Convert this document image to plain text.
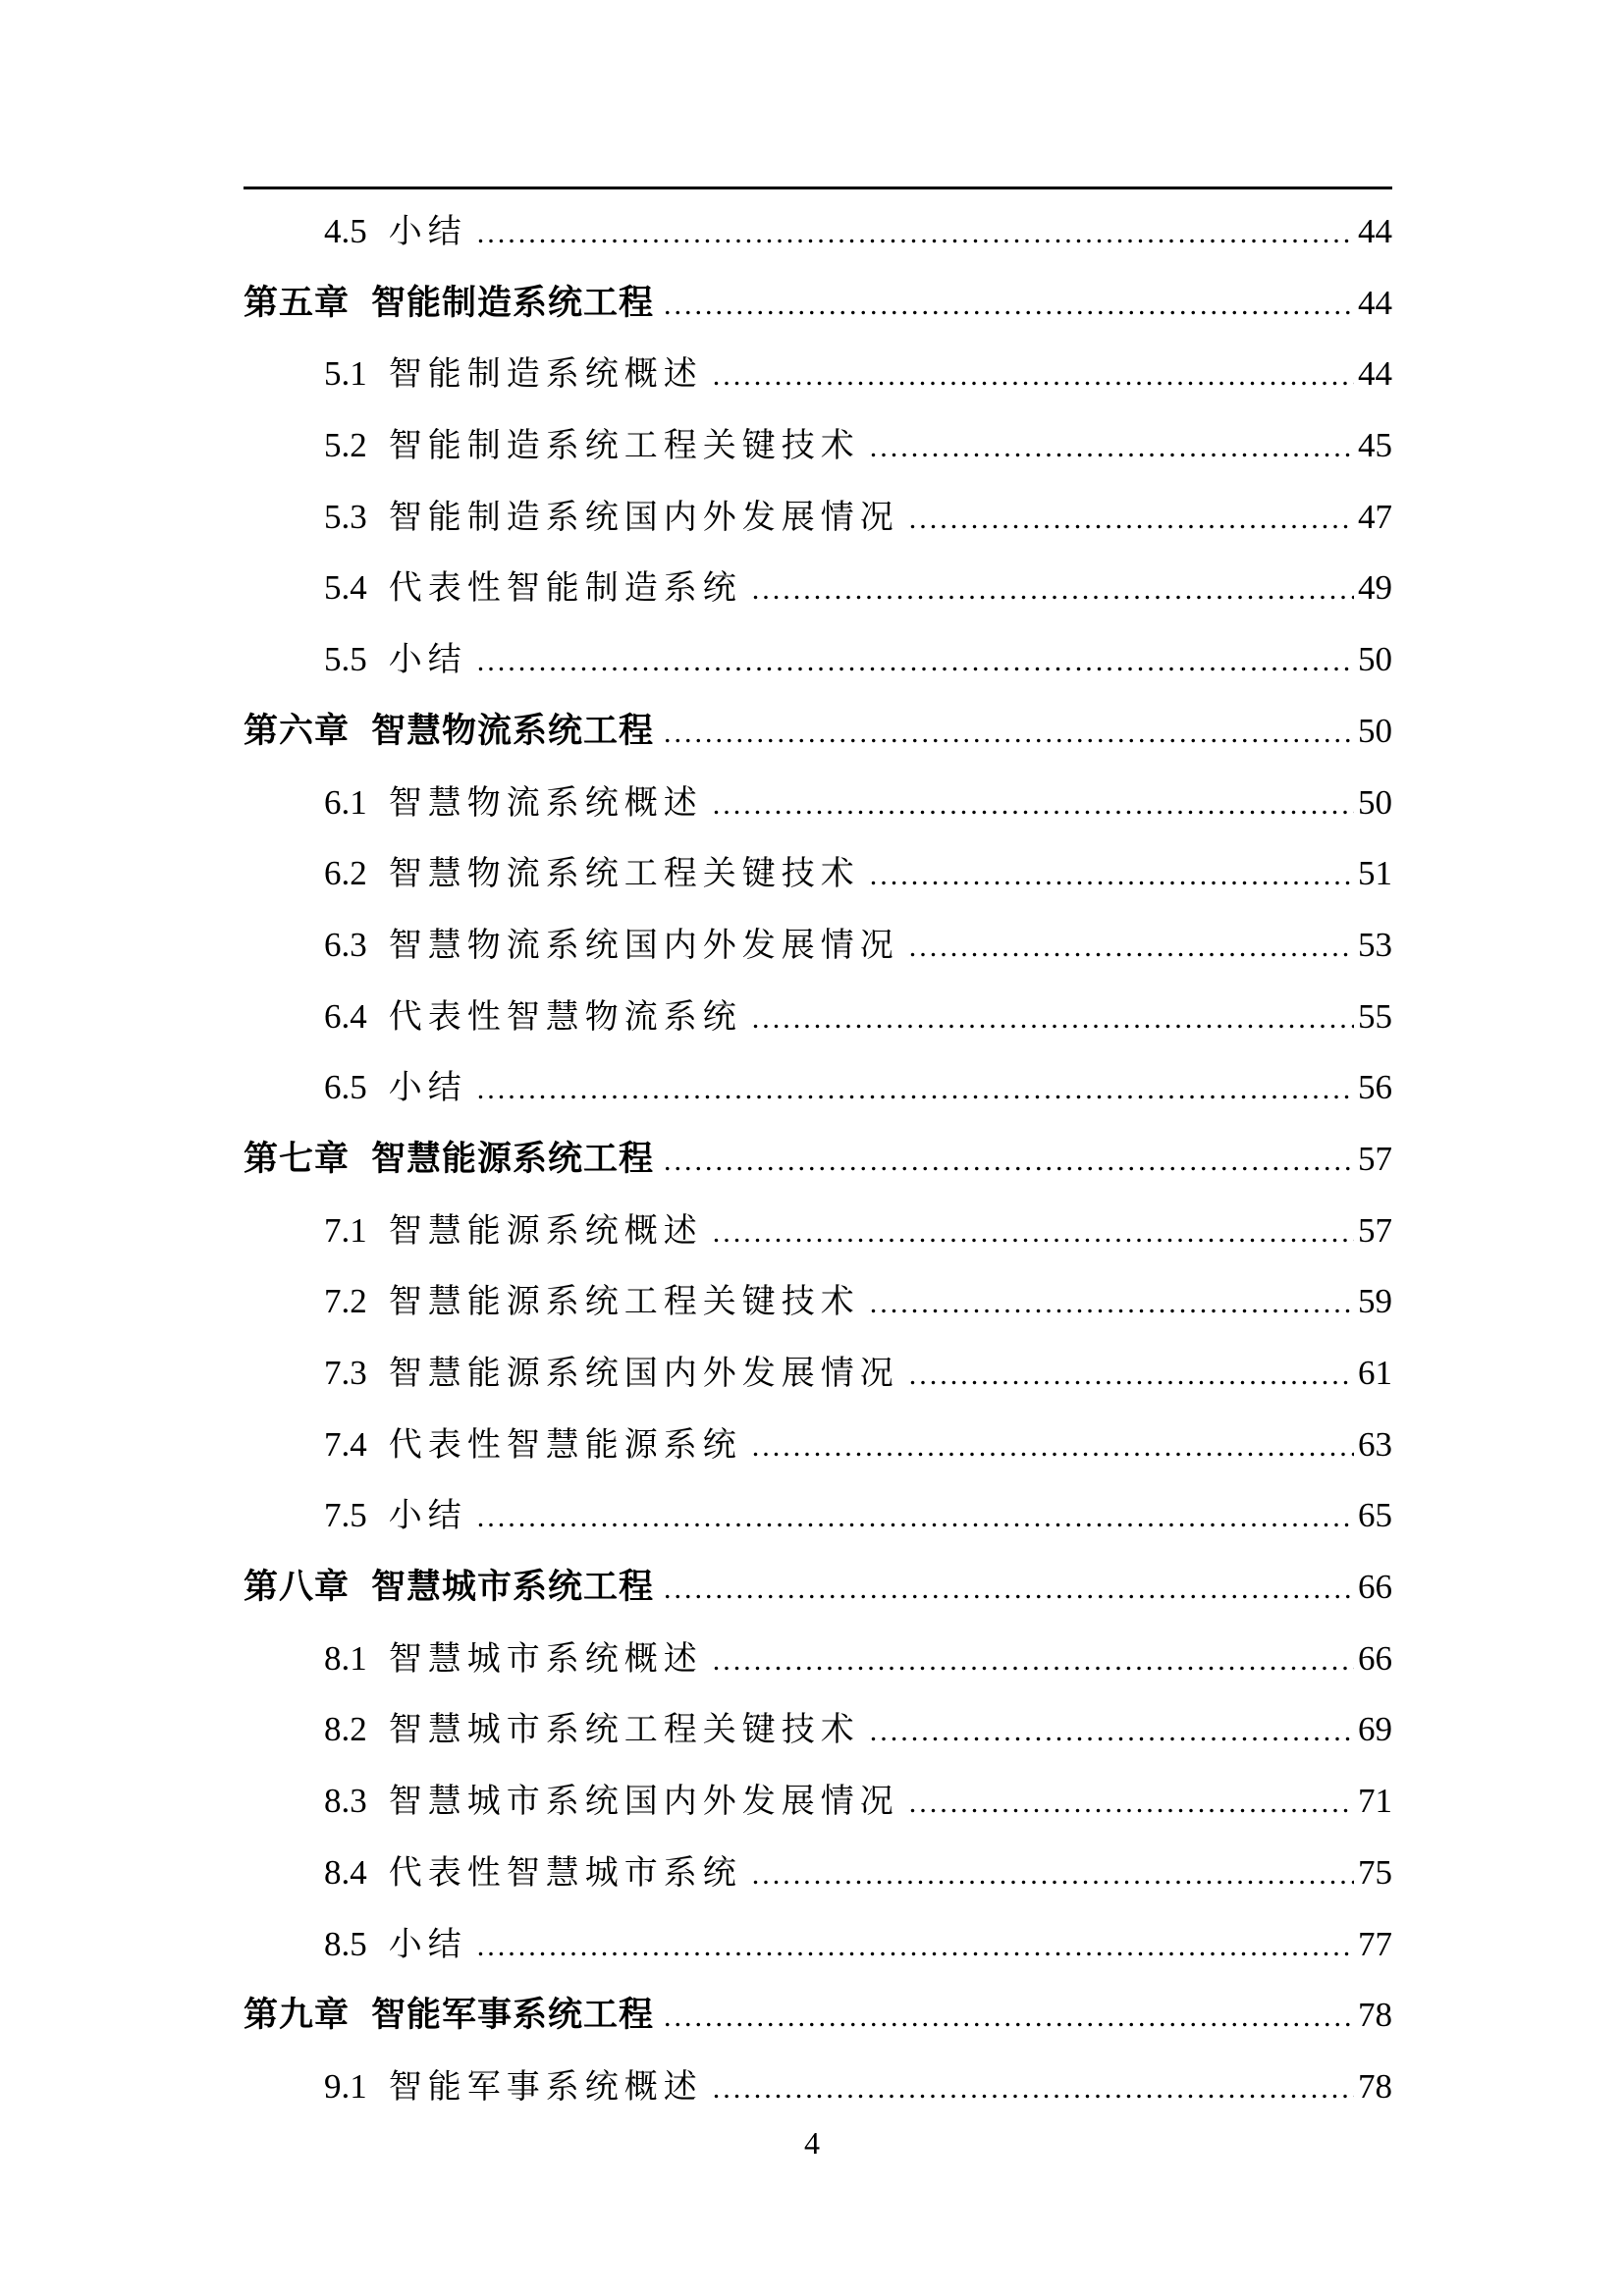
4.5 小结 .....	44
第五章 智能制造系统工程 .....	44
5.1 智能制造系统概述 .....	44
5.2 智能制造系统工程关键技术 .....	45
5.3 智能制造系统国内外发展情况 .....	47
5.4 代表性智能制造系统 .....	49
5.5 小结 .....	50
第六章 智慧物流系统工程 .....	50
6.1 智慧物流系统概述 .....	50
6.2 智慧物流系统工程关键技术 .....	51
6.3 智慧物流系统国内外发展情况 .....	53
6.4 代表性智慧物流系统 .....	55
6.5 小结 .....	56
第七章 智慧能源系统工程 .....	57
7.1 智慧能源系统概述 .....	57
7.2 智慧能源系统工程关键技术 .....	59
7.3 智慧能源系统国内外发展情况 .....	61
7.4 代表性智慧能源系统 .....	63
7.5 小结 .....	65
第八章 智慧城市系统工程 .....	66
8.1 智慧城市系统概述 .....	66
8.2 智慧城市系统工程关键技术 .....	69
8.3 智慧城市系统国内外发展情况 .....	71
8.4 代表性智慧城市系统 .....	75
8.5 小结 .....	77
第九章 智能军事系统工程 .....	78
9.1 智能军事系统概述 .....	78
4
